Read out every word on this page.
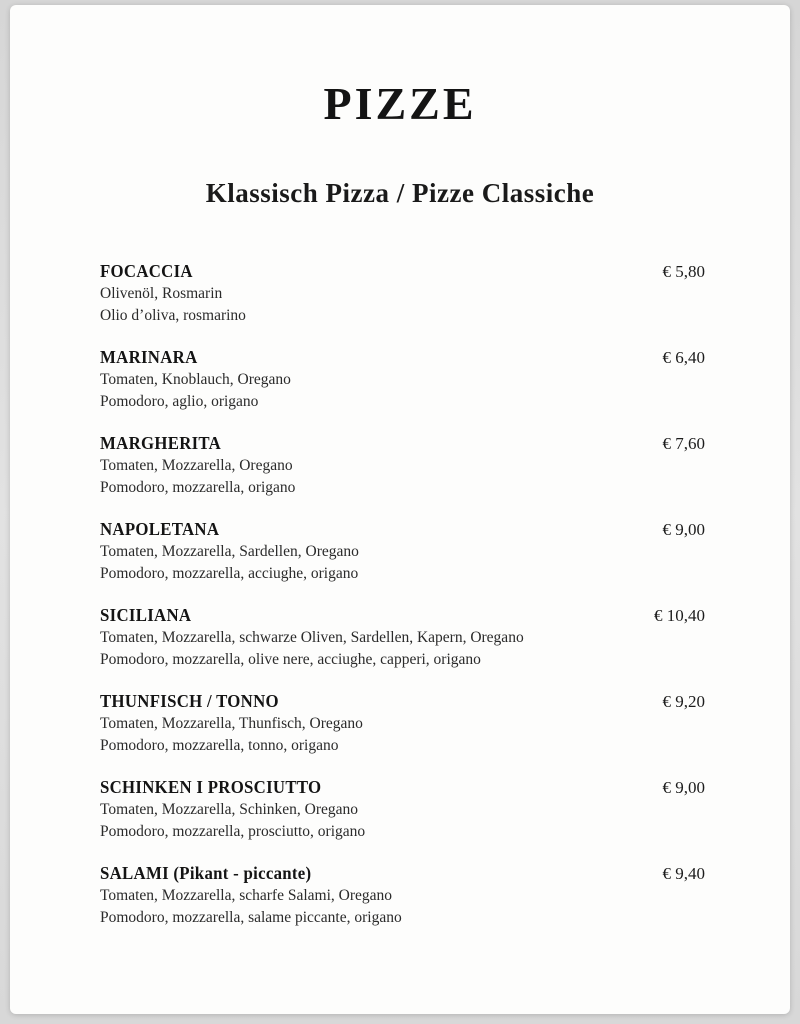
PIZZE
Klassisch Pizza / Pizze Classiche
FOCACCIA	€ 5,80
Olivenöl, Rosmarin
Olio d’oliva, rosmarino
MARINARA	€ 6,40
Tomaten, Knoblauch, Oregano
Pomodoro, aglio, origano
MARGHERITA	€ 7,60
Tomaten, Mozzarella, Oregano
Pomodoro, mozzarella, origano
NAPOLETANA	€ 9,00
Tomaten, Mozzarella, Sardellen, Oregano
Pomodoro, mozzarella, acciughe, origano
SICILIANA	€ 10,40
Tomaten, Mozzarella, schwarze Oliven, Sardellen, Kapern, Oregano
Pomodoro, mozzarella, olive nere, acciughe, capperi, origano
THUNFISCH / TONNO	€ 9,20
Tomaten, Mozzarella, Thunfisch, Oregano
Pomodoro, mozzarella, tonno, origano
SCHINKEN I PROSCIUTTO	€ 9,00
Tomaten, Mozzarella, Schinken, Oregano
Pomodoro, mozzarella, prosciutto, origano
SALAMI (Pikant - piccante)	€ 9,40
Tomaten, Mozzarella, scharfe Salami, Oregano
Pomodoro, mozzarella, salame piccante, origano
